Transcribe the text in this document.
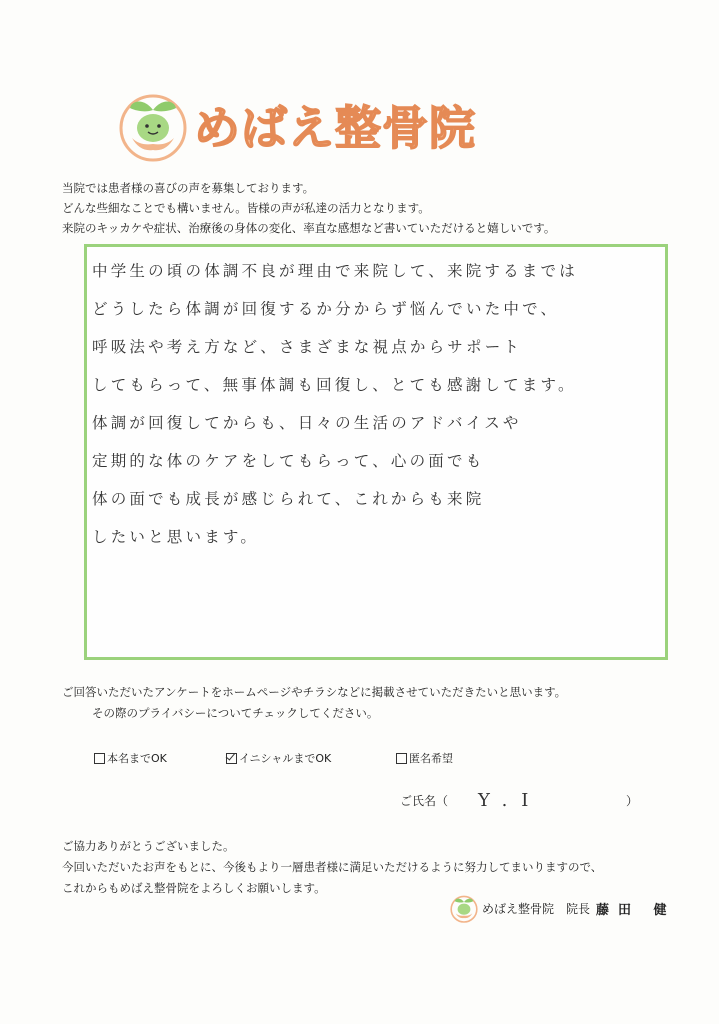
めばえ整骨院
当院では患者様の喜びの声を募集しております。
どんな些細なことでも構いません。皆様の声が私達の活力となります。
来院のキッカケや症状、治療後の身体の変化、率直な感想など書いていただけると嬉しいです。
中学生の頃の体調不良が理由で来院して、来院するまでは
どうしたら体調が回復するか分からず悩んでいた中で、
呼吸法や考え方など、さまざまな視点からサポート
してもらって、無事体調も回復し、とても感謝してます。
体調が回復してからも、日々の生活のアドバイスや
定期的な体のケアをしてもらって、心の面でも
体の面でも成長が感じられて、これからも来院
したいと思います。
ご回答いただいたアンケートをホームページやチラシなどに掲載させていただきたいと思います。
その際のプライバシーについてチェックしてください。
本名までOK	イニシャルまでOK	匿名希望
ご氏名（ Y.I	）
ご協力ありがとうございました。
今回いただいたお声をもとに、今後もより一層患者様に満足いただけるように努力してまいりますので、
これからもめばえ整骨院をよろしくお願いします。
めばえ整骨院 院長 藤田 健
